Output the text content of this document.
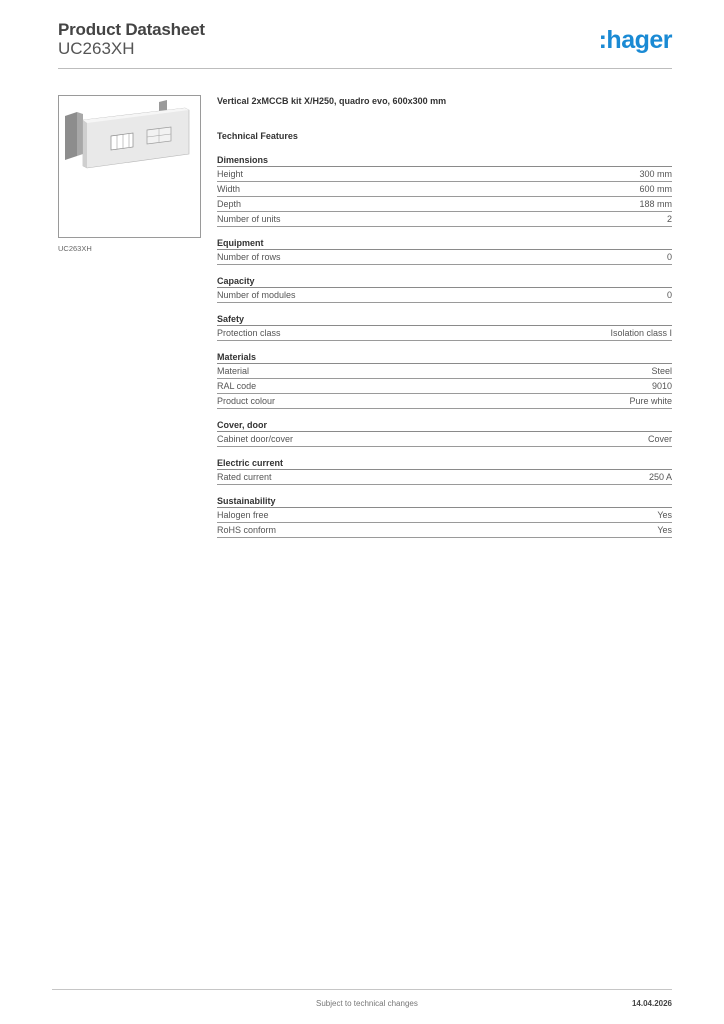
Product Datasheet
UC263XH	:hager
UC263XH
Vertical 2xMCCB kit X/H250, quadro evo, 600x300 mm
Technical Features
Dimensions
Height	300 mm
Width	600 mm
Depth	188 mm
Number of units	2
Equipment
Number of rows	0
Capacity
Number of modules	0
Safety
Protection class	Isolation class I
Materials
Material	Steel
RAL code	9010
Product colour	Pure white
Cover, door
Cabinet door/cover	Cover
Electric current
Rated current	250 A
Sustainability
Halogen free	Yes
RoHS conform	Yes
Subject to technical changes	14.04.2026
